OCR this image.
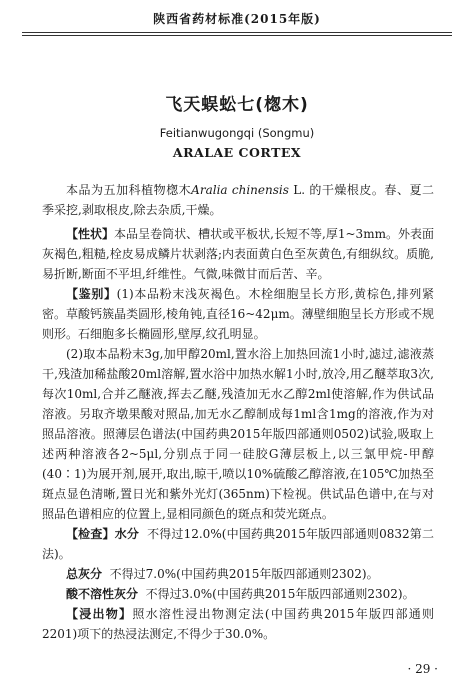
陕西省药材标准(2015年版)
飞天蜈蚣七(楤木)
Feitianwugongqi (Songmu)
ARALAE CORTEX

本品为五加科植物楤木Aralia chinensis L. 的干燥根皮。春、夏二季采挖,剥取根皮,除去杂质,干燥。

【性状】本品呈卷筒状、槽状或平板状,长短不等,厚1~3mm。外表面灰褐色,粗糙,栓皮易成鳞片状剥落;内表面黄白色至灰黄色,有细纵纹。质脆,易折断,断面不平坦,纤维性。气微,味微甘而后苦、辛。

【鉴别】(1)本品粉末浅灰褐色。木栓细胞呈长方形,黄棕色,排列紧密。草酸钙簇晶类圆形,棱角钝,直径16~42μm。薄壁细胞呈长方形或不规则形。石细胞多长椭圆形,壁厚,纹孔明显。

(2)取本品粉末3g,加甲醇20ml,置水浴上加热回流1小时,滤过,滤液蒸干,残渣加稀盐酸20ml溶解,置水浴中加热水解1小时,放冷,用乙醚萃取3次,每次10ml,合并乙醚液,挥去乙醚,残渣加无水乙醇2ml使溶解,作为供试品溶液。另取齐墩果酸对照品,加无水乙醇制成每1ml含1mg的溶液,作为对照品溶液。照薄层色谱法(中国药典2015年版四部通则0502)试验,吸取上述两种溶液各2~5μl,分别点于同一硅胶G薄层板上,以三氯甲烷-甲醇(40∶1)为展开剂,展开,取出,晾干,喷以10%硫酸乙醇溶液,在105℃加热至斑点显色清晰,置日光和紫外光灯(365nm)下检视。供试品色谱中,在与对照品色谱相应的位置上,显相同颜色的斑点和荧光斑点。

【检查】水分 不得过12.0%(中国药典2015年版四部通则0832第二法)。

总灰分 不得过7.0%(中国药典2015年版四部通则2302)。

酸不溶性灰分 不得过3.0%(中国药典2015年版四部通则2302)。

【浸出物】照水溶性浸出物测定法(中国药典2015年版四部通则2201)项下的热浸法测定,不得少于30.0%。

· 29 ·
